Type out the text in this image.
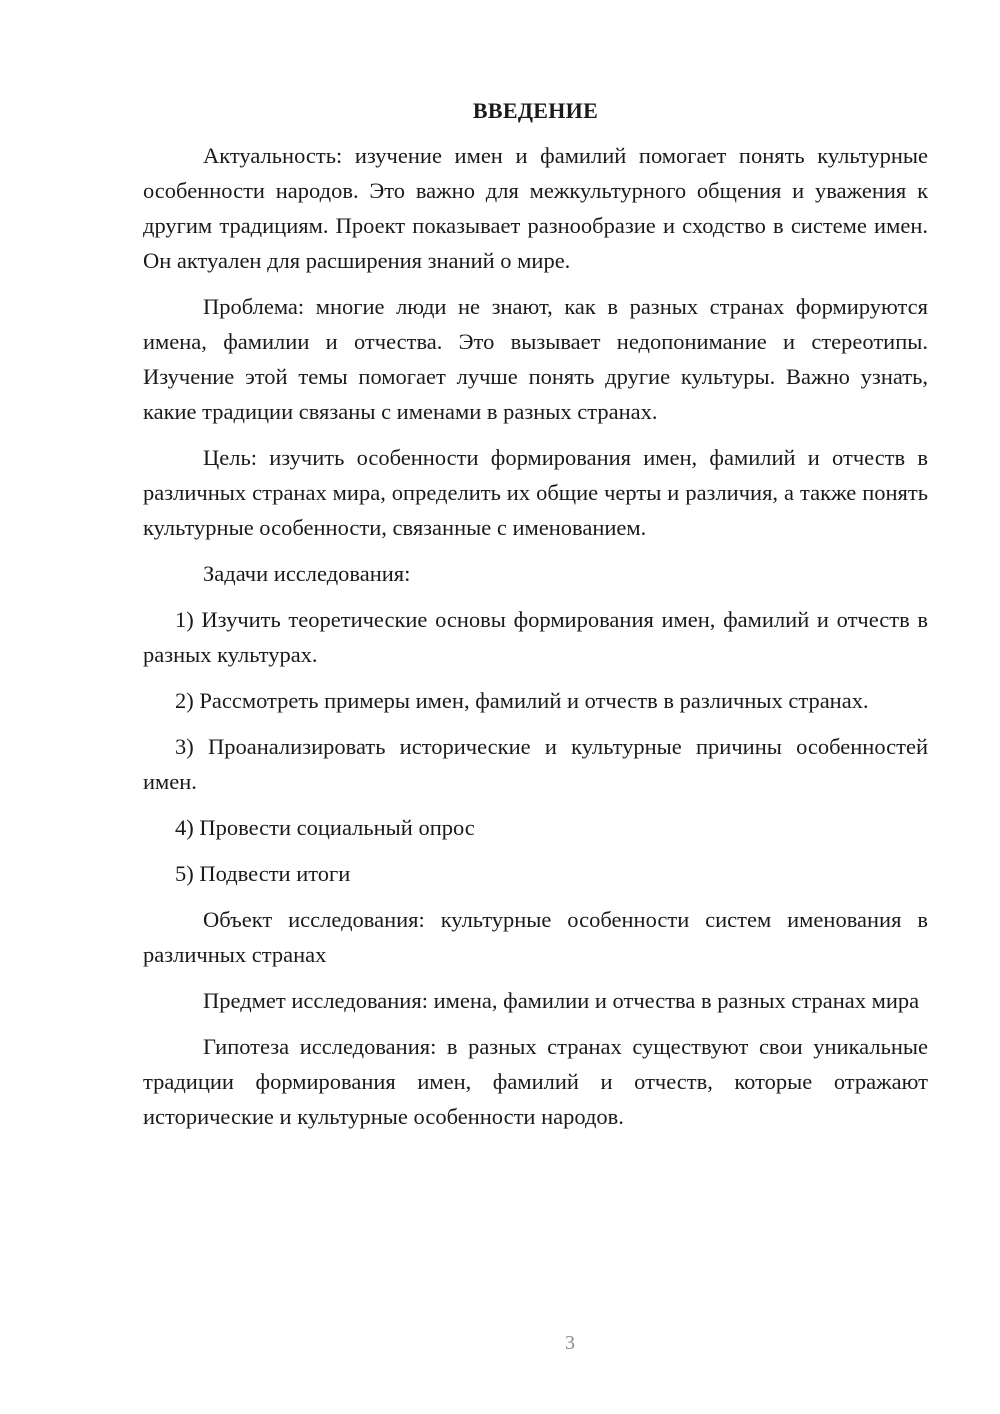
ВВЕДЕНИЕ

Актуальность: изучение имен и фамилий помогает понять культурные особенности народов. Это важно для межкультурного общения и уважения к другим традициям. Проект показывает разнообразие и сходство в системе имен. Он актуален для расширения знаний о мире.

Проблема: многие люди не знают, как в разных странах формируются имена, фамилии и отчества. Это вызывает недопонимание и стереотипы. Изучение этой темы помогает лучше понять другие культуры. Важно узнать, какие традиции связаны с именами в разных странах.

Цель: изучить особенности формирования имен, фамилий и отчеств в различных странах мира, определить их общие черты и различия, а также понять культурные особенности, связанные с именованием.

Задачи исследования:

1) Изучить теоретические основы формирования имен, фамилий и отчеств в разных культурах.

2) Рассмотреть примеры имен, фамилий и отчеств в различных странах.

3) Проанализировать исторические и культурные причины особенностей имен.

4) Провести социальный опрос

5) Подвести итоги

Объект исследования: культурные особенности систем именования в различных странах

Предмет исследования: имена, фамилии и отчества в разных странах мира

Гипотеза исследования: в разных странах существуют свои уникальные традиции формирования имен, фамилий и отчеств, которые отражают исторические и культурные особенности народов.

3
